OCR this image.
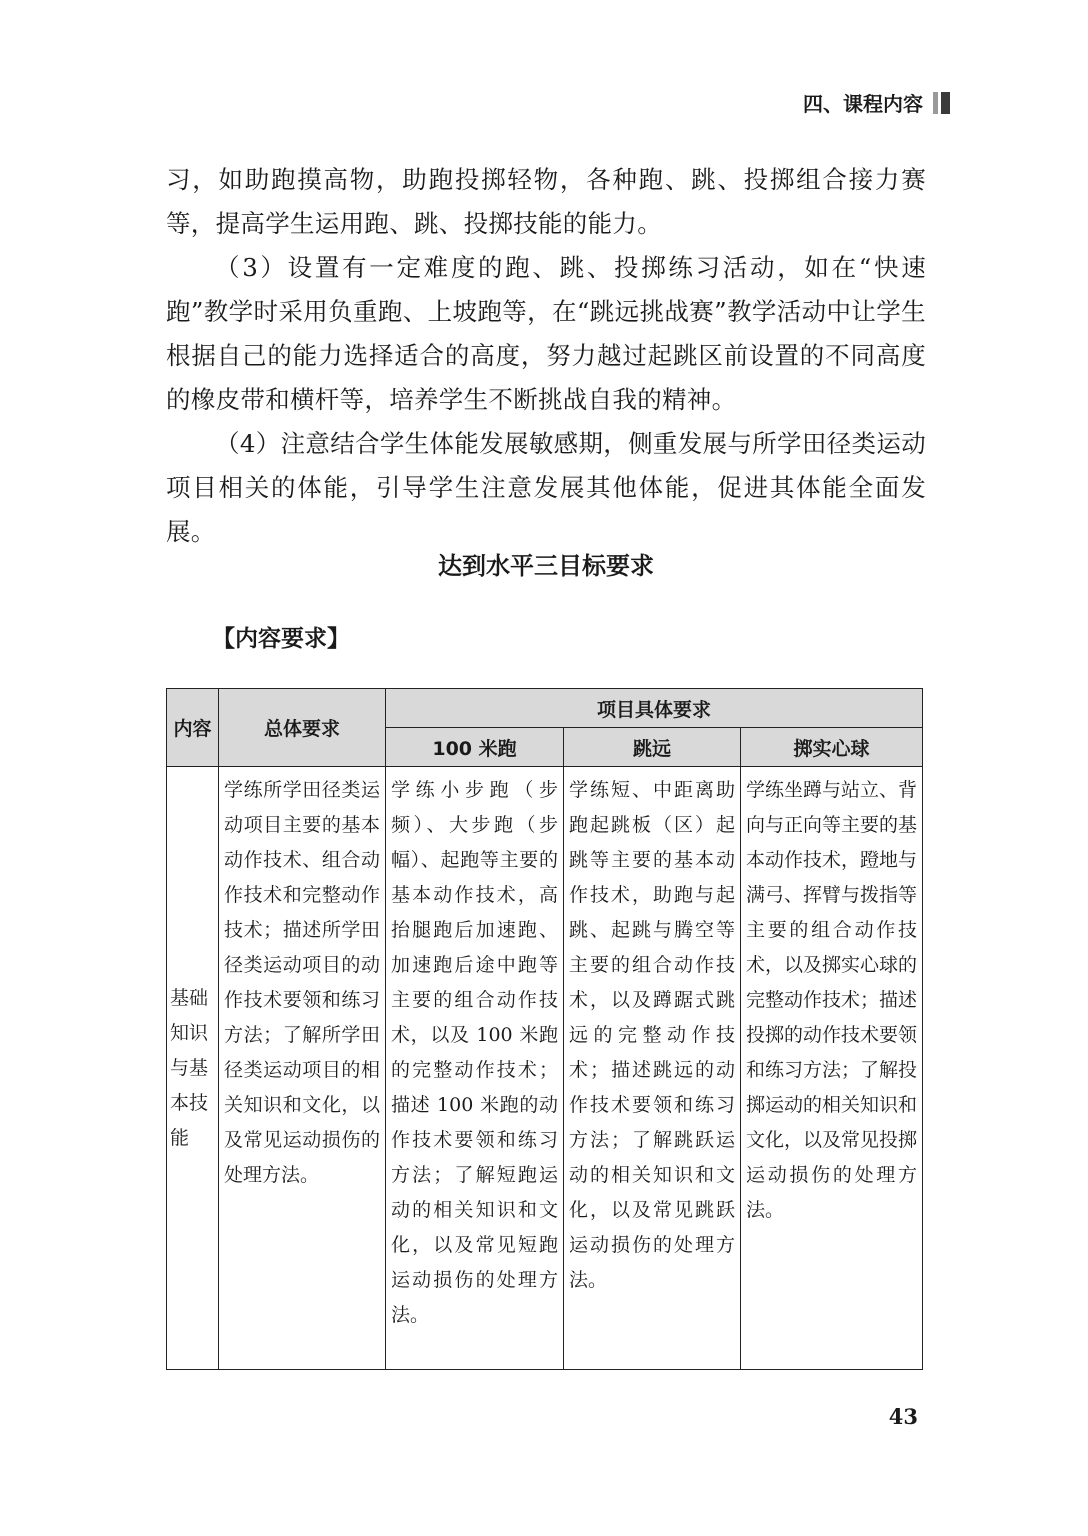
四、课程内容

习，如助跑摸高物，助跑投掷轻物，各种跑、跳、投掷组合接力赛等，提高学生运用跑、跳、投掷技能的能力。

（3）设置有一定难度的跑、跳、投掷练习活动，如在“快速跑”教学时采用负重跑、上坡跑等，在“跳远挑战赛”教学活动中让学生根据自己的能力选择适合的高度，努力越过起跳区前设置的不同高度的橡皮带和横杆等，培养学生不断挑战自我的精神。

（4）注意结合学生体能发展敏感期，侧重发展与所学田径类运动项目相关的体能，引导学生注意发展其他体能，促进其体能全面发展。

达到水平三目标要求
【内容要求】
内容	总体要求	项目具体要求		
		100 米跑	跳远	掷实心球
基础知识与基本技能	学练所学田径类运动项目主要的基本动作技术、组合动作技术和完整动作技术；描述所学田径类运动项目的动作技术要领和练习方法；了解所学田径类运动项目的相关知识和文化，以及常见运动损伤的处理方法。	学练小步跑（步频）、大步跑（步幅）、起跑等主要的基本动作技术，高抬腿跑后加速跑、加速跑后途中跑等主要的组合动作技术，以及 100 米跑的完整动作技术；描述 100 米跑的动作技术要领和练习方法；了解短跑运动的相关知识和文化，以及常见短跑运动损伤的处理方法。	学练短、中距离助跑起跳板（区）起跳等主要的基本动作技术，助跑与起跳、起跳与腾空等主要的组合动作技术，以及蹲踞式跳远的完整动作技术；描述跳远的动作技术要领和练习方法；了解跳跃运动的相关知识和文化，以及常见跳跃运动损伤的处理方法。	学练坐蹲与站立、背向与正向等主要的基本动作技术，蹬地与满弓、挥臂与拨指等主要的组合动作技术，以及掷实心球的完整动作技术；描述投掷的动作技术要领和练习方法；了解投掷运动的相关知识和文化，以及常见投掷运动损伤的处理方法。
43
